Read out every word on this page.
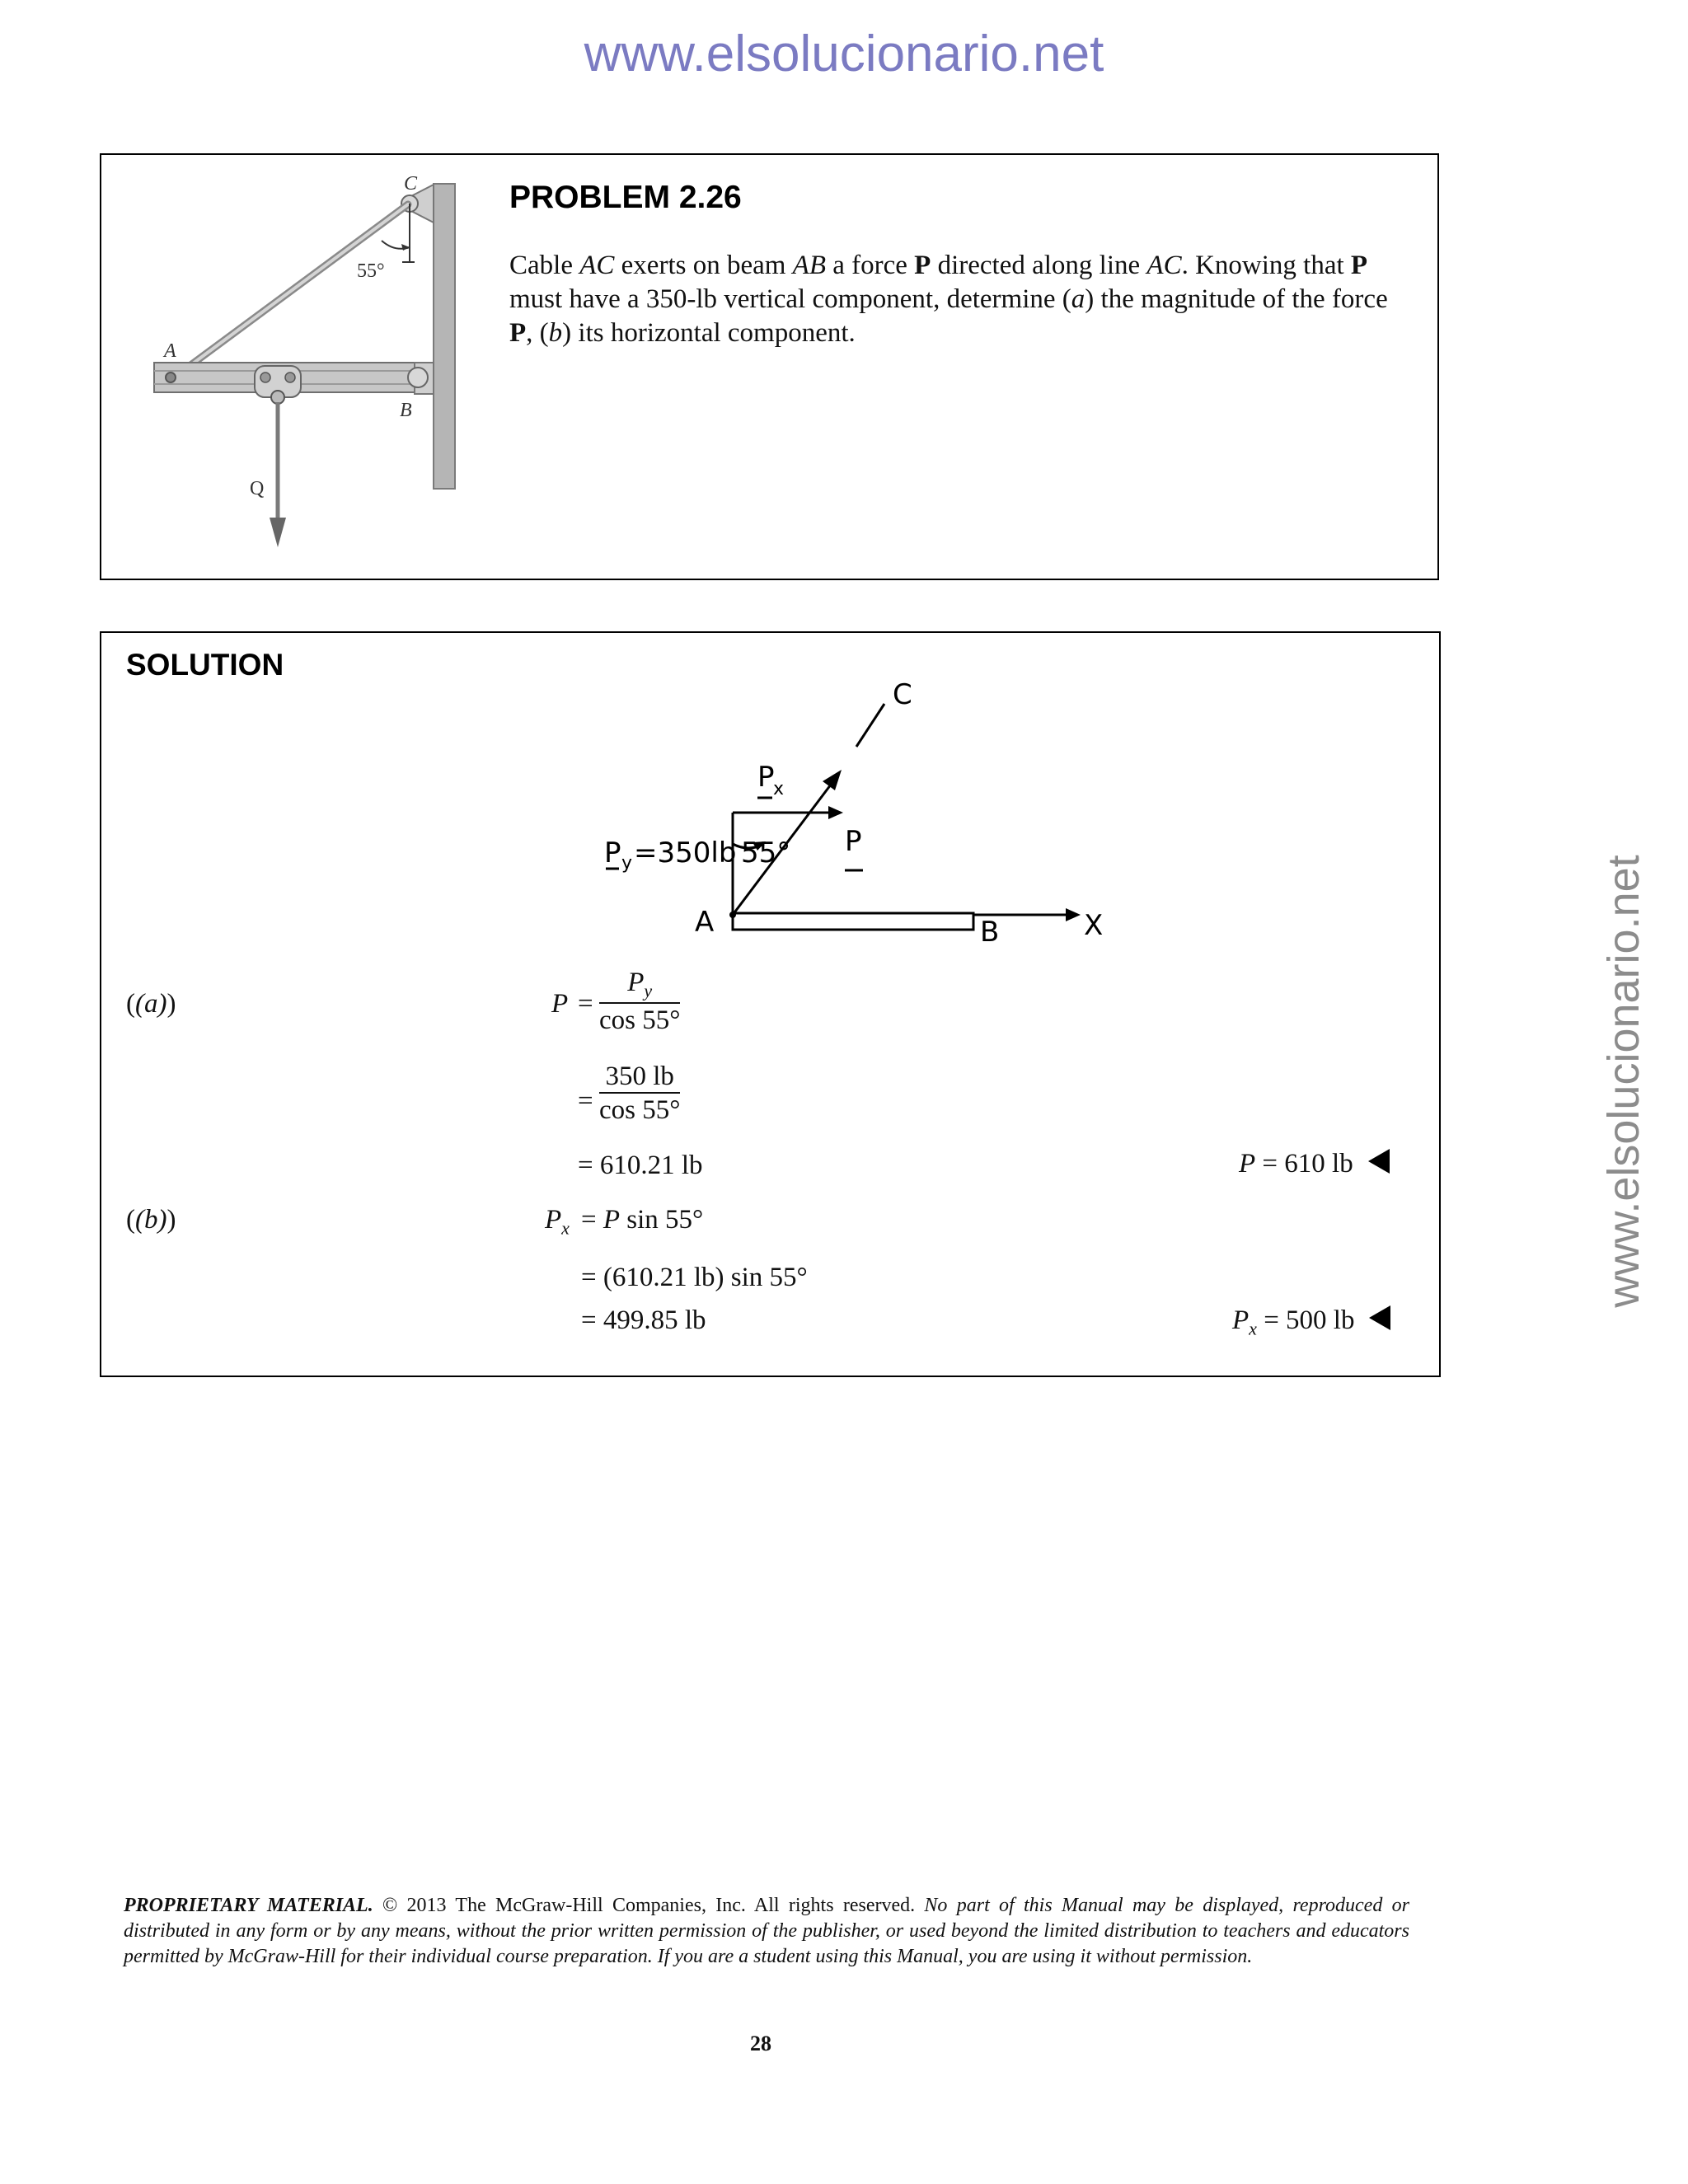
www.elsolucionario.net
www.elsolucionario.net
C
55°
A
B
Q
PROBLEM 2.26
Cable AC exerts on beam AB a force P directed along line AC. Knowing that P must have a 350-lb vertical component, determine (a) the magnitude of the force P, (b) its horizontal component.
SOLUTION
C
P
x
P y =350lb 55° P
A	B	X
((a))	$P = \frac{P_y}{\cos 55^\circ}$
= $\frac{350 lb}{\cos 55^\circ}$
= 610.21 lb	P = 610 lb
((b))	$P_x = P$ sin 55°
= (610.21 lb) sin 55°
= 499.85 lb	$P_x = 500$ lb
PROPRIETARY MATERIAL. © 2013 The McGraw-Hill Companies, Inc. All rights reserved. No part of this Manual may be displayed, reproduced or distributed in any form or by any means, without the prior written permission of the publisher, or used beyond the limited distribution to teachers and educators permitted by McGraw-Hill for their individual course preparation. If you are a student using this Manual, you are using it without permission.
28
